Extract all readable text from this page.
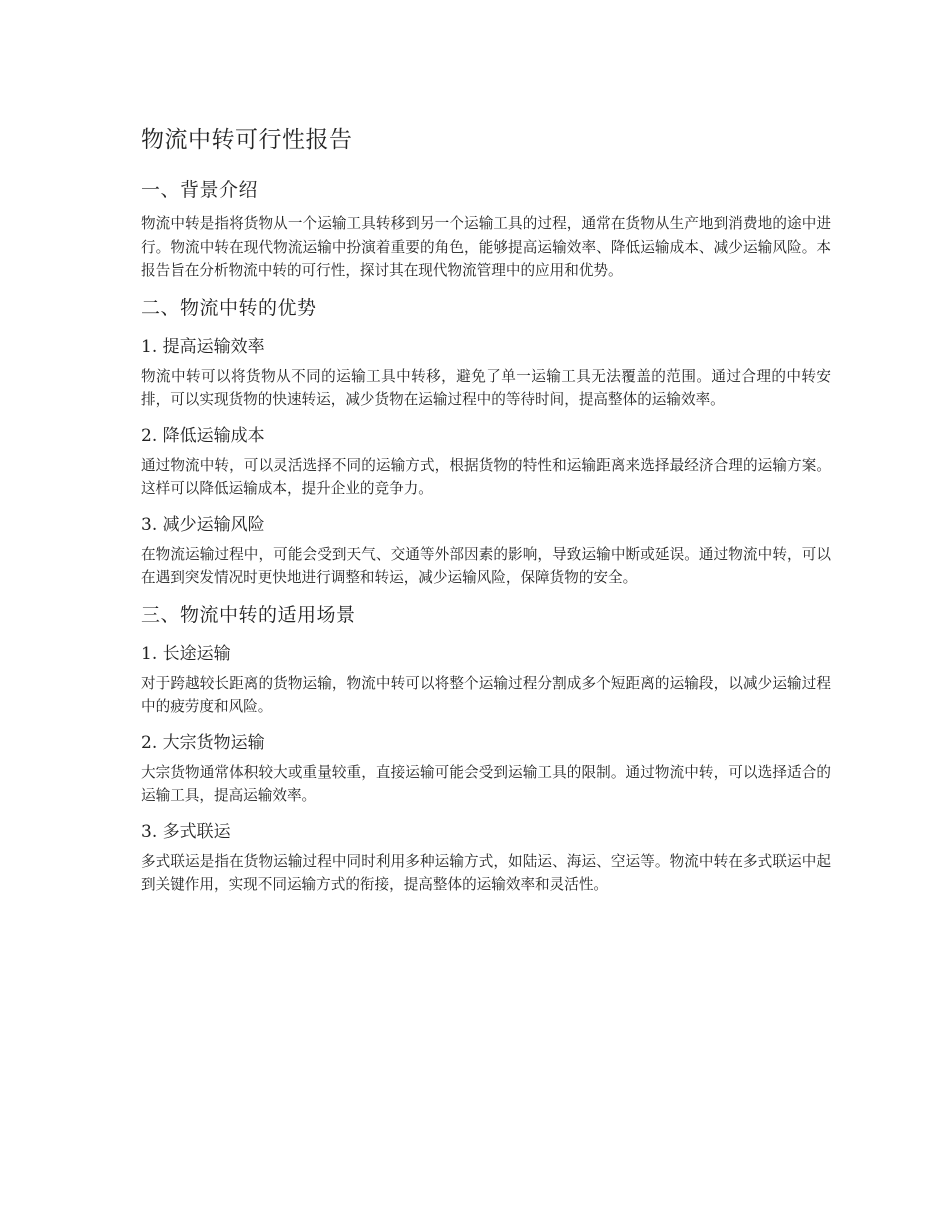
物流中转可行性报告
一、背景介绍

物流中转是指将货物从一个运输工具转移到另一个运输工具的过程，通常在货物从生产地到消费地的途中进行。物流中转在现代物流运输中扮演着重要的角色，能够提高运输效率、降低运输成本、减少运输风险。本报告旨在分析物流中转的可行性，探讨其在现代物流管理中的应用和优势。

二、物流中转的优势
1. 提高运输效率

物流中转可以将货物从不同的运输工具中转移，避免了单一运输工具无法覆盖的范围。通过合理的中转安排，可以实现货物的快速转运，减少货物在运输过程中的等待时间，提高整体的运输效率。

2. 降低运输成本

通过物流中转，可以灵活选择不同的运输方式，根据货物的特性和运输距离来选择最经济合理的运输方案。这样可以降低运输成本，提升企业的竞争力。

3. 减少运输风险

在物流运输过程中，可能会受到天气、交通等外部因素的影响，导致运输中断或延误。通过物流中转，可以在遇到突发情况时更快地进行调整和转运，减少运输风险，保障货物的安全。

三、物流中转的适用场景
1. 长途运输

对于跨越较长距离的货物运输，物流中转可以将整个运输过程分割成多个短距离的运输段，以减少运输过程中的疲劳度和风险。

2. 大宗货物运输

大宗货物通常体积较大或重量较重，直接运输可能会受到运输工具的限制。通过物流中转，可以选择适合的运输工具，提高运输效率。

3. 多式联运

多式联运是指在货物运输过程中同时利用多种运输方式，如陆运、海运、空运等。物流中转在多式联运中起到关键作用，实现不同运输方式的衔接，提高整体的运输效率和灵活性。
